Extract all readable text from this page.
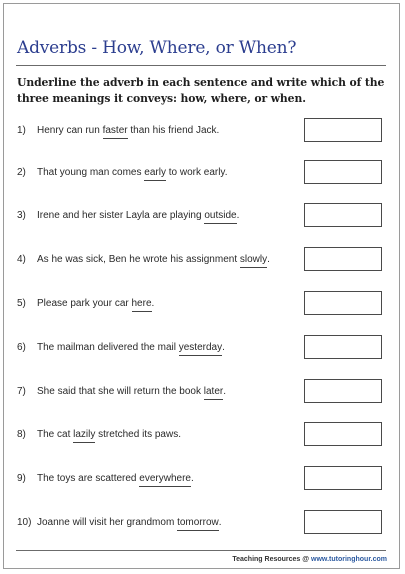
Adverbs - How, Where, or When?
Underline the adverb in each sentence and write which of the three meanings it conveys: how, where, or when.
1)	Henry can run faster than his friend Jack.
2)	That young man comes early to work early.
3)	Irene and her sister Layla are playing outside.
4)	As he was sick, Ben he wrote his assignment slowly.
5)	Please park your car here.
6)	The mailman delivered the mail yesterday.
7)	She said that she will return the book later.
8)	The cat lazily stretched its paws.
9)	The toys are scattered everywhere.
10) Joanne will visit her grandmom tomorrow.
Teaching Resources @ www.tutoringhour.com
